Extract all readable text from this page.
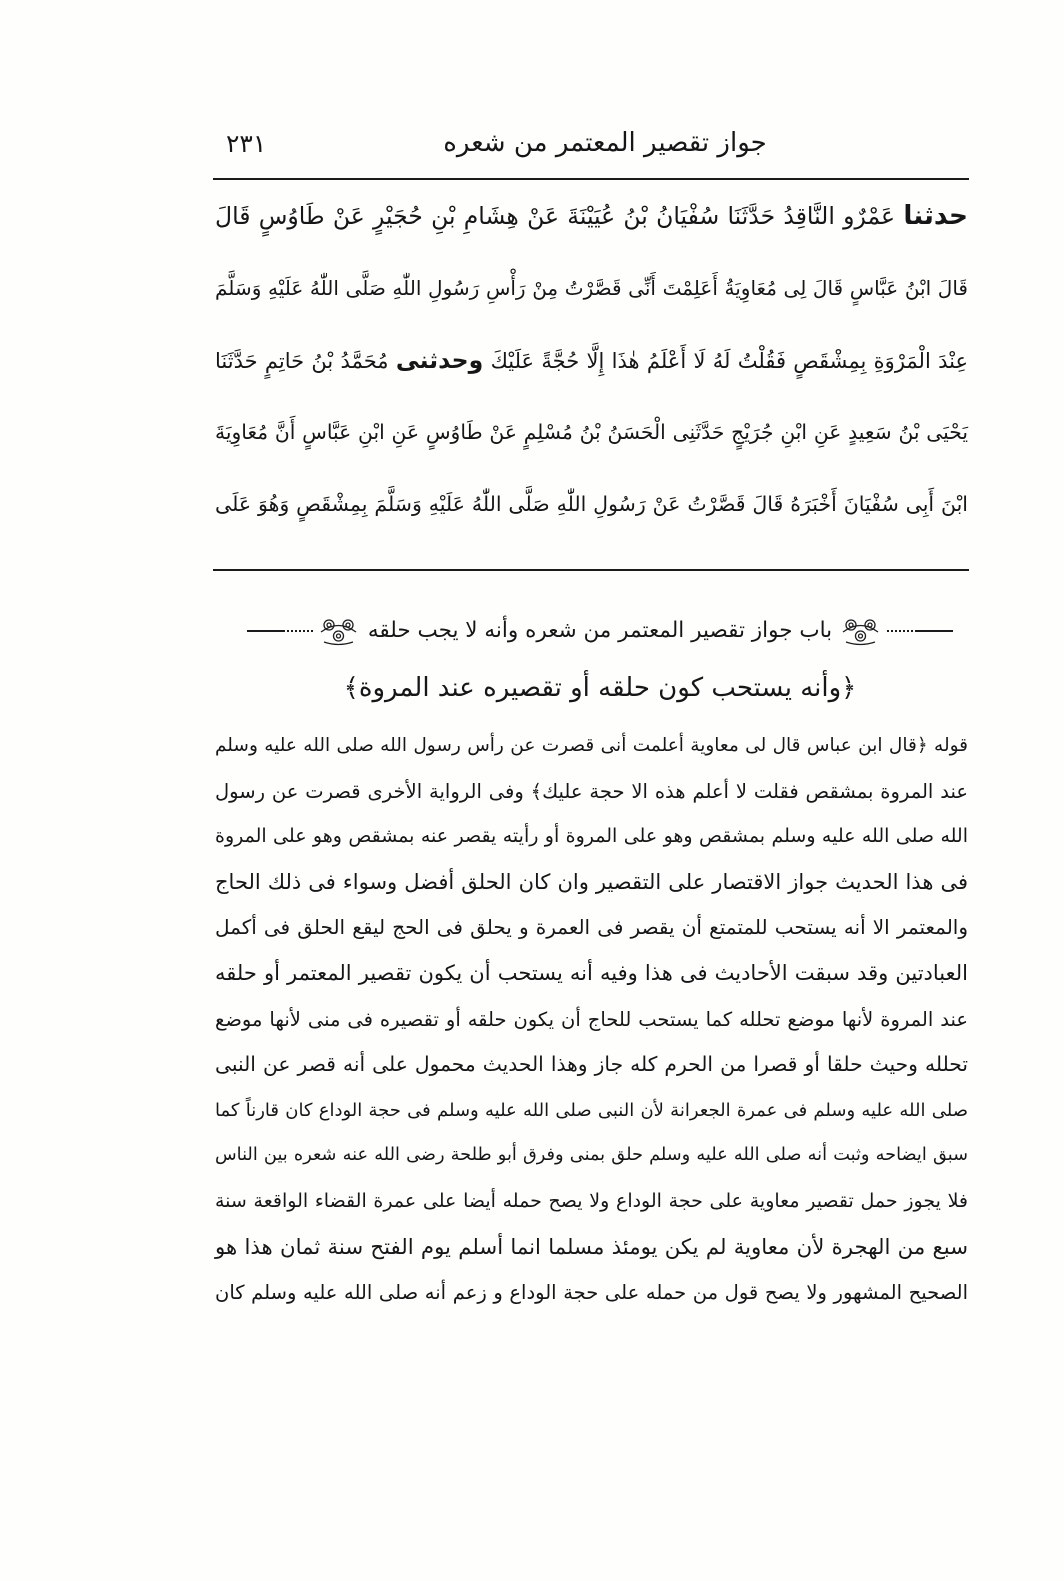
٢٣١	جواز تقصير المعتمر من شعره
حدثنا عَمْرٌو النَّاقِدُ حَدَّثَنَا سُفْيَانُ بْنُ عُيَيْنَةَ عَنْ هِشَامِ بْنِ حُجَيْرٍ عَنْ طَاوُسٍ قَالَ
قَالَ ابْنُ عَبَّاسٍ قَالَ لِى مُعَاوِيَةُ أَعَلِمْتَ أَنِّى قَصَّرْتُ مِنْ رَأْسِ رَسُولِ اللّٰهِ صَلَّى اللّٰهُ عَلَيْهِ وَسَلَّمَ
عِنْدَ الْمَرْوَةِ بِمِشْقَصٍ فَقُلْتُ لَهُ لَا أَعْلَمُ هٰذَا إِلَّا حُجَّةً عَلَيْكَ وحدثنى مُحَمَّدُ بْنُ حَاتِمٍ حَدَّثَنَا
يَحْيَى بْنُ سَعِيدٍ عَنِ ابْنِ جُرَيْجٍ حَدَّثَنِى الْحَسَنُ بْنُ مُسْلِمٍ عَنْ طَاوُسٍ عَنِ ابْنِ عَبَّاسٍ أَنَّ مُعَاوِيَةَ
ابْنَ أَبِى سُفْيَانَ أَخْبَرَهُ قَالَ قَصَّرْتُ عَنْ رَسُولِ اللّٰهِ صَلَّى اللّٰهُ عَلَيْهِ وَسَلَّمَ بِمِشْقَصٍ وَهُوَ عَلَى
باب جواز تقصير المعتمر من شعره وأنه لا يجب حلقه
﴿وأنه يستحب كون حلقه أو تقصيره عند المروة﴾
قوله ﴿قال ابن عباس قال لى معاوية أعلمت أنى قصرت عن رأس رسول الله صلى الله عليه وسلم
عند المروة بمشقص فقلت لا أعلم هذه الا حجة عليك﴾ وفى الرواية الأخرى قصرت عن رسول
الله صلى الله عليه وسلم بمشقص وهو على المروة أو رأيته يقصر عنه بمشقص وهو على المروة
فى هذا الحديث جواز الاقتصار على التقصير وان كان الحلق أفضل وسواء فى ذلك الحاج
والمعتمر الا أنه يستحب للمتمتع أن يقصر فى العمرة و يحلق فى الحج ليقع الحلق فى أكمل
العبادتين وقد سبقت الأحاديث فى هذا وفيه أنه يستحب أن يكون تقصير المعتمر أو حلقه
عند المروة لأنها موضع تحلله كما يستحب للحاج أن يكون حلقه أو تقصيره فى منى لأنها موضع
تحلله وحيث حلقا أو قصرا من الحرم كله جاز وهذا الحديث محمول على أنه قصر عن النبى
صلى الله عليه وسلم فى عمرة الجعرانة لأن النبى صلى الله عليه وسلم فى حجة الوداع كان قارناً كما
سبق ايضاحه وثبت أنه صلى الله عليه وسلم حلق بمنى وفرق أبو طلحة رضى الله عنه شعره بين الناس
فلا يجوز حمل تقصير معاوية على حجة الوداع ولا يصح حمله أيضا على عمرة القضاء الواقعة سنة
سبع من الهجرة لأن معاوية لم يكن يومئذ مسلما انما أسلم يوم الفتح سنة ثمان هذا هو
الصحيح المشهور ولا يصح قول من حمله على حجة الوداع و زعم أنه صلى الله عليه وسلم كان
